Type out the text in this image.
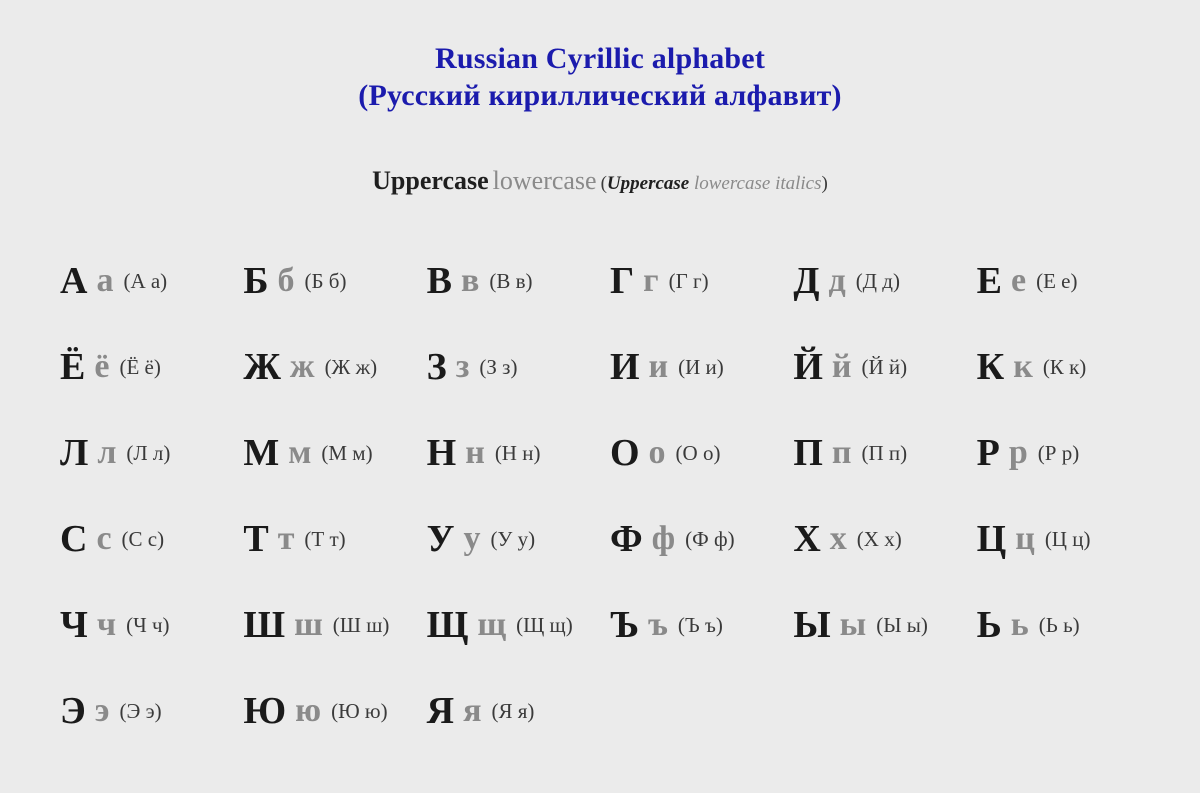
Russian Cyrillic alphabet
(Русский кириллический алфавит)
Uppercase lowercase (Uppercase lowercase italics)
А а (А а) Б б (Б б) В в (В в) Г г (Г г) Д д (Д д) Е е (Е е)
Ё ё (Ё ё) Ж ж (Ж ж) З з (З з) И и (И и) Й й (Й й) К к (К к)
Л л (Л л) М м (М м) Н н (Н н) О о (О о) П п (П п) Р р (Р р)
С с (С с) Т т (Т т) У у (У у) Ф ф (Ф ф) Х х (Х х) Ц ц (Ц ц)
Ч ч (Ч ч) Ш ш (Ш ш) Щ щ (Щ щ) Ъ ъ (Ъ ъ) Ы ы (Ы ы) Ь ь (Ь ь)
Э э (Э э) Ю ю (Ю ю) Я я (Я я)
